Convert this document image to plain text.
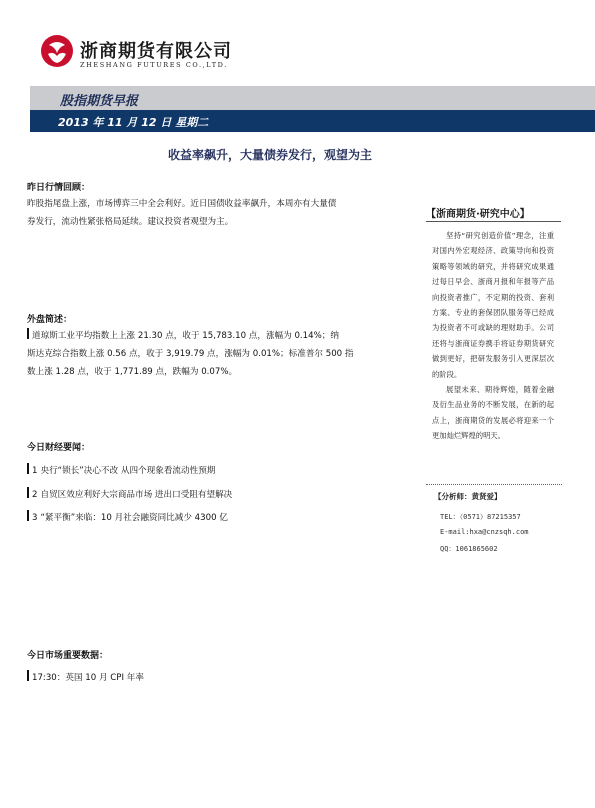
浙商期货有限公司
ZHESHANG FUTURES CO.,LTD.
股指期货早报
2013 年 11 月 12 日 星期二
收益率飙升，大量债券发行，观望为主
昨日行情回顾：
昨股指尾盘上涨，市场博弈三中全会利好。近日国债收益率飙升，本周亦有大量债
券发行，流动性紧张格局延续。建议投资者观望为主。
外盘简述：
道琼斯工业平均指数上上涨 21.30 点，收于 15,783.10 点，涨幅为 0.14%；纳
斯达克综合指数上涨 0.56 点，收于 3,919.79 点，涨幅为 0.01%；标准普尔 500 指
数上涨 1.28 点，收于 1,771.89 点，跌幅为 0.07%。
今日财经要闻：
1 央行“锁长”决心不改 从四个现象看流动性预期
2 自贸区效应利好大宗商品市场 进出口受阻有望解决
3 “紧平衡”来临：10 月社会融资同比减少 4300 亿
今日市场重要数据：
17:30：英国 10 月 CPI 年率
【浙商期货·研究中心】

坚持“研究创造价值”理念，注重对国内外宏观经济、政策导向和投资策略等领域的研究，并将研究成果通过每日早会、浙商月报和年报等产品向投资者推广，不定期的投资、套利方案、专业的套保团队服务等已经成为投资者不可或缺的理财助手。公司还将与浙商证券携手将证券期货研究做到更好，把研发服务引入更深层次的阶段。

展望未来、期待辉煌，随着金融及衍生品业务的不断发展，在新的起点上，浙商期货的发展必将迎来一个更加灿烂辉煌的明天。

【分析师：黄贤爱】
TEL：（0571）87215357
E-mail:hxa@cnzsqh.com
QQ：1061865602
